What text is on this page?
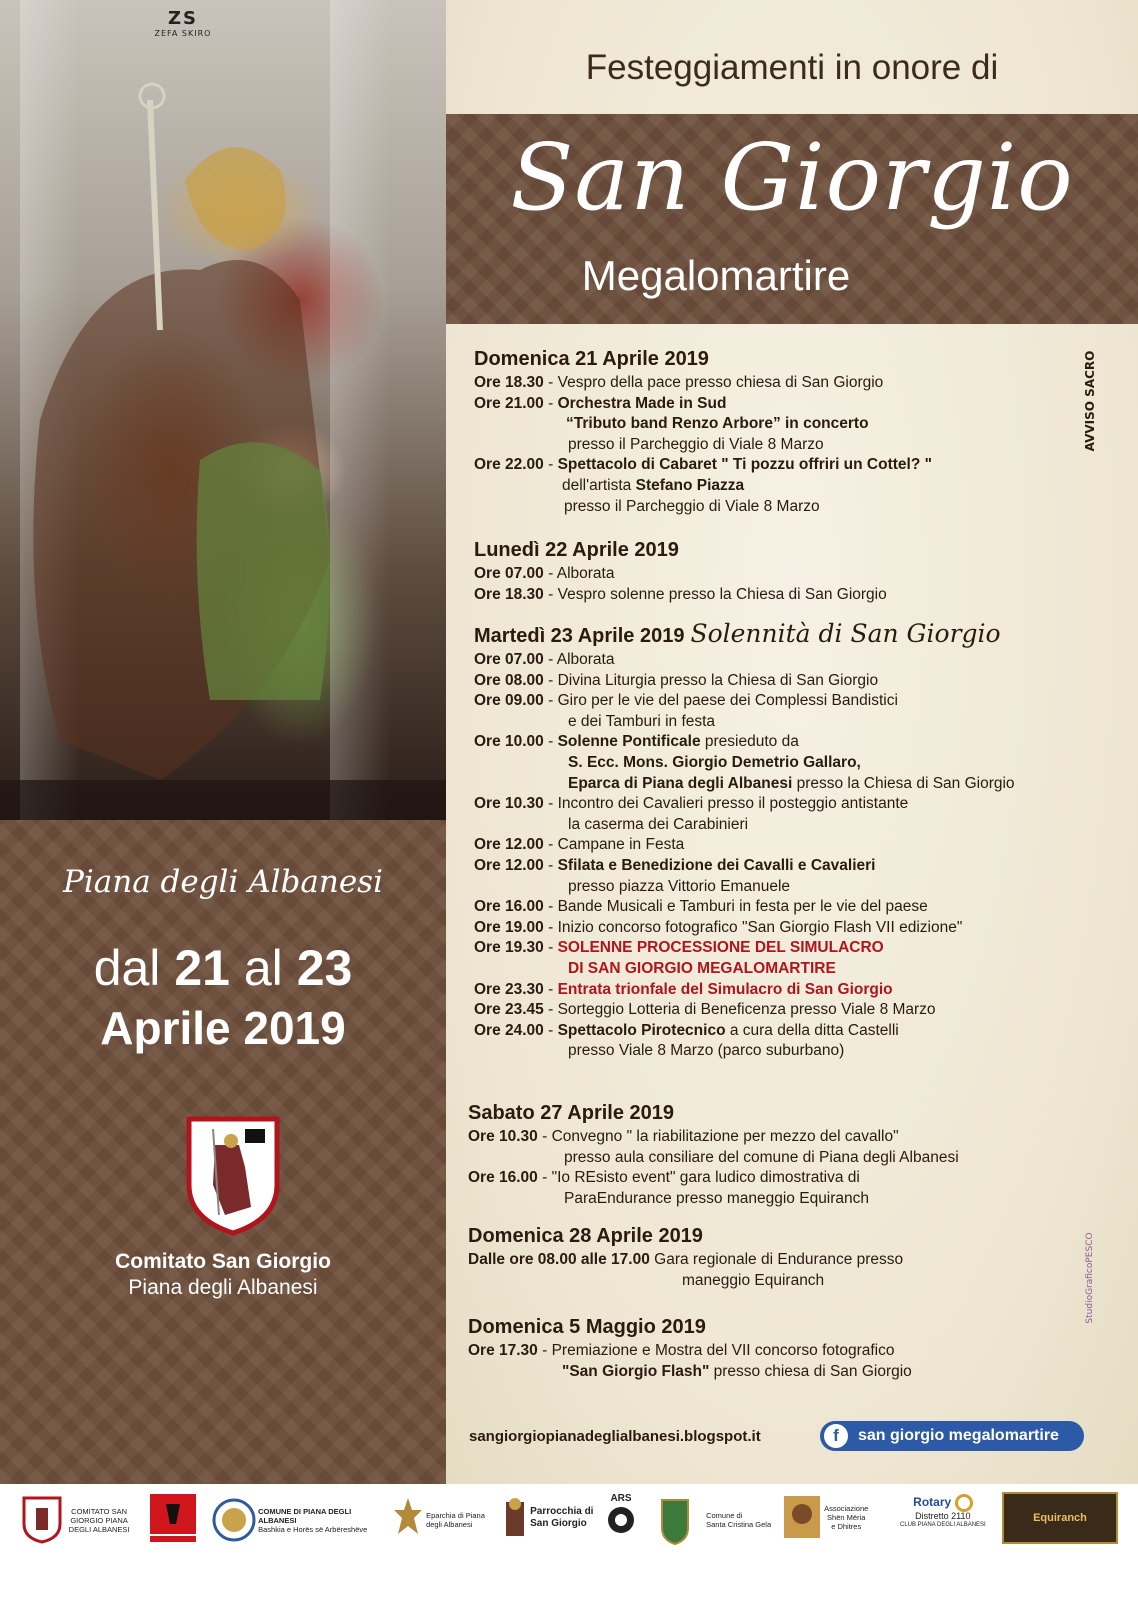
ZS
ZEFA SKIRO
Piana degli Albanesi
dal 21 al 23
Aprile 2019
Comitato San Giorgio
Piana degli Albanesi
Festeggiamenti in onore di
San Giorgio
Megalomartire
AVVISO SACRO
StudioGraficoPESCO
Domenica 21 Aprile 2019
Ore 18.30 - Vespro della pace presso chiesa di San Giorgio
Ore 21.00 - Orchestra Made in Sud
“Tributo band Renzo Arbore” in concerto
presso il Parcheggio di Viale 8 Marzo
Ore 22.00 - Spettacolo di Cabaret " Ti pozzu offriri un Cottel? "
dell'artista Stefano Piazza
presso il Parcheggio di Viale 8 Marzo
Lunedì 22 Aprile 2019
Ore 07.00 - Alborata
Ore 18.30 - Vespro solenne presso la Chiesa di San Giorgio
Martedì 23 Aprile 2019 Solennità di San Giorgio
Ore 07.00 - Alborata
Ore 08.00 - Divina Liturgia presso la Chiesa di San Giorgio
Ore 09.00 - Giro per le vie del paese dei Complessi Bandistici
e dei Tamburi in festa
Ore 10.00 - Solenne Pontificale presieduto da
S. Ecc. Mons. Giorgio Demetrio Gallaro,
Eparca di Piana degli Albanesi presso la Chiesa di San Giorgio
Ore 10.30 - Incontro dei Cavalieri presso il posteggio antistante
la caserma dei Carabinieri
Ore 12.00 - Campane in Festa
Ore 12.00 - Sfilata e Benedizione dei Cavalli e Cavalieri
presso piazza Vittorio Emanuele
Ore 16.00 - Bande Musicali e Tamburi in festa per le vie del paese
Ore 19.00 - Inizio concorso fotografico "San Giorgio Flash VII edizione"
Ore 19.30 - SOLENNE PROCESSIONE DEL SIMULACRO
DI SAN GIORGIO MEGALOMARTIRE
Ore 23.30 - Entrata trionfale del Simulacro di San Giorgio
Ore 23.45 - Sorteggio Lotteria di Beneficenza presso Viale 8 Marzo
Ore 24.00 - Spettacolo Pirotecnico a cura della ditta Castelli
presso Viale 8 Marzo (parco suburbano)
Sabato 27 Aprile 2019
Ore 10.30 - Convegno " la riabilitazione per mezzo del cavallo"
presso aula consiliare del comune di Piana degli Albanesi
Ore 16.00 - "Io REsisto event" gara ludico dimostrativa di
ParaEndurance presso maneggio Equiranch
Domenica 28 Aprile 2019
Dalle ore 08.00 alle 17.00 Gara regionale di Endurance presso
maneggio Equiranch
Domenica 5 Maggio 2019
Ore 17.30 - Premiazione e Mostra del VII concorso fotografico
"San Giorgio Flash" presso chiesa di San Giorgio
sangiorgiopianadeglialbanesi.blogspot.it	f	san giorgio megalomartire
COMITATO SAN GIORGIO PIANA DEGLI ALBANESI
COMUNE DI PIANA DEGLI ALBANESI
Bashkia e Horës së Arbëreshëve
Eparchia di Piana degli Albanesi
Parrocchia di
San Giorgio
ARS
Comune di
Santa Cristina Gela
Associazione
Shën Mëria
e Dhitres
Rotary
Distretto 2110
CLUB PIANA DEGLI ALBANESI
Equiranch
